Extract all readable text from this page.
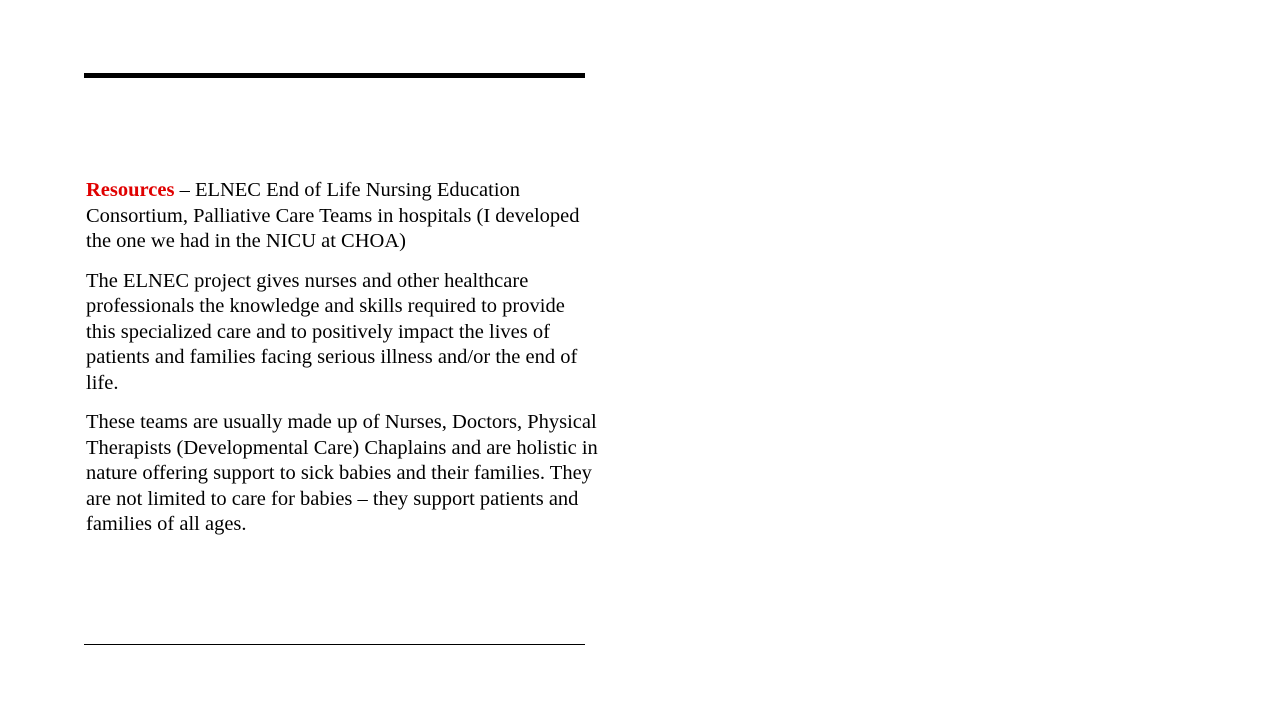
Resources – ELNEC End of Life Nursing Education Consortium, Palliative Care Teams in hospitals (I developed the one we had in the NICU at CHOA)

The ELNEC project gives nurses and other healthcare professionals the knowledge and skills required to provide this specialized care and to positively impact the lives of patients and families facing serious illness and/or the end of life.

These teams are usually made up of Nurses, Doctors, Physical Therapists (Developmental Care) Chaplains and are holistic in nature offering support to sick babies and their families. They are not limited to care for babies – they support patients and families of all ages.
